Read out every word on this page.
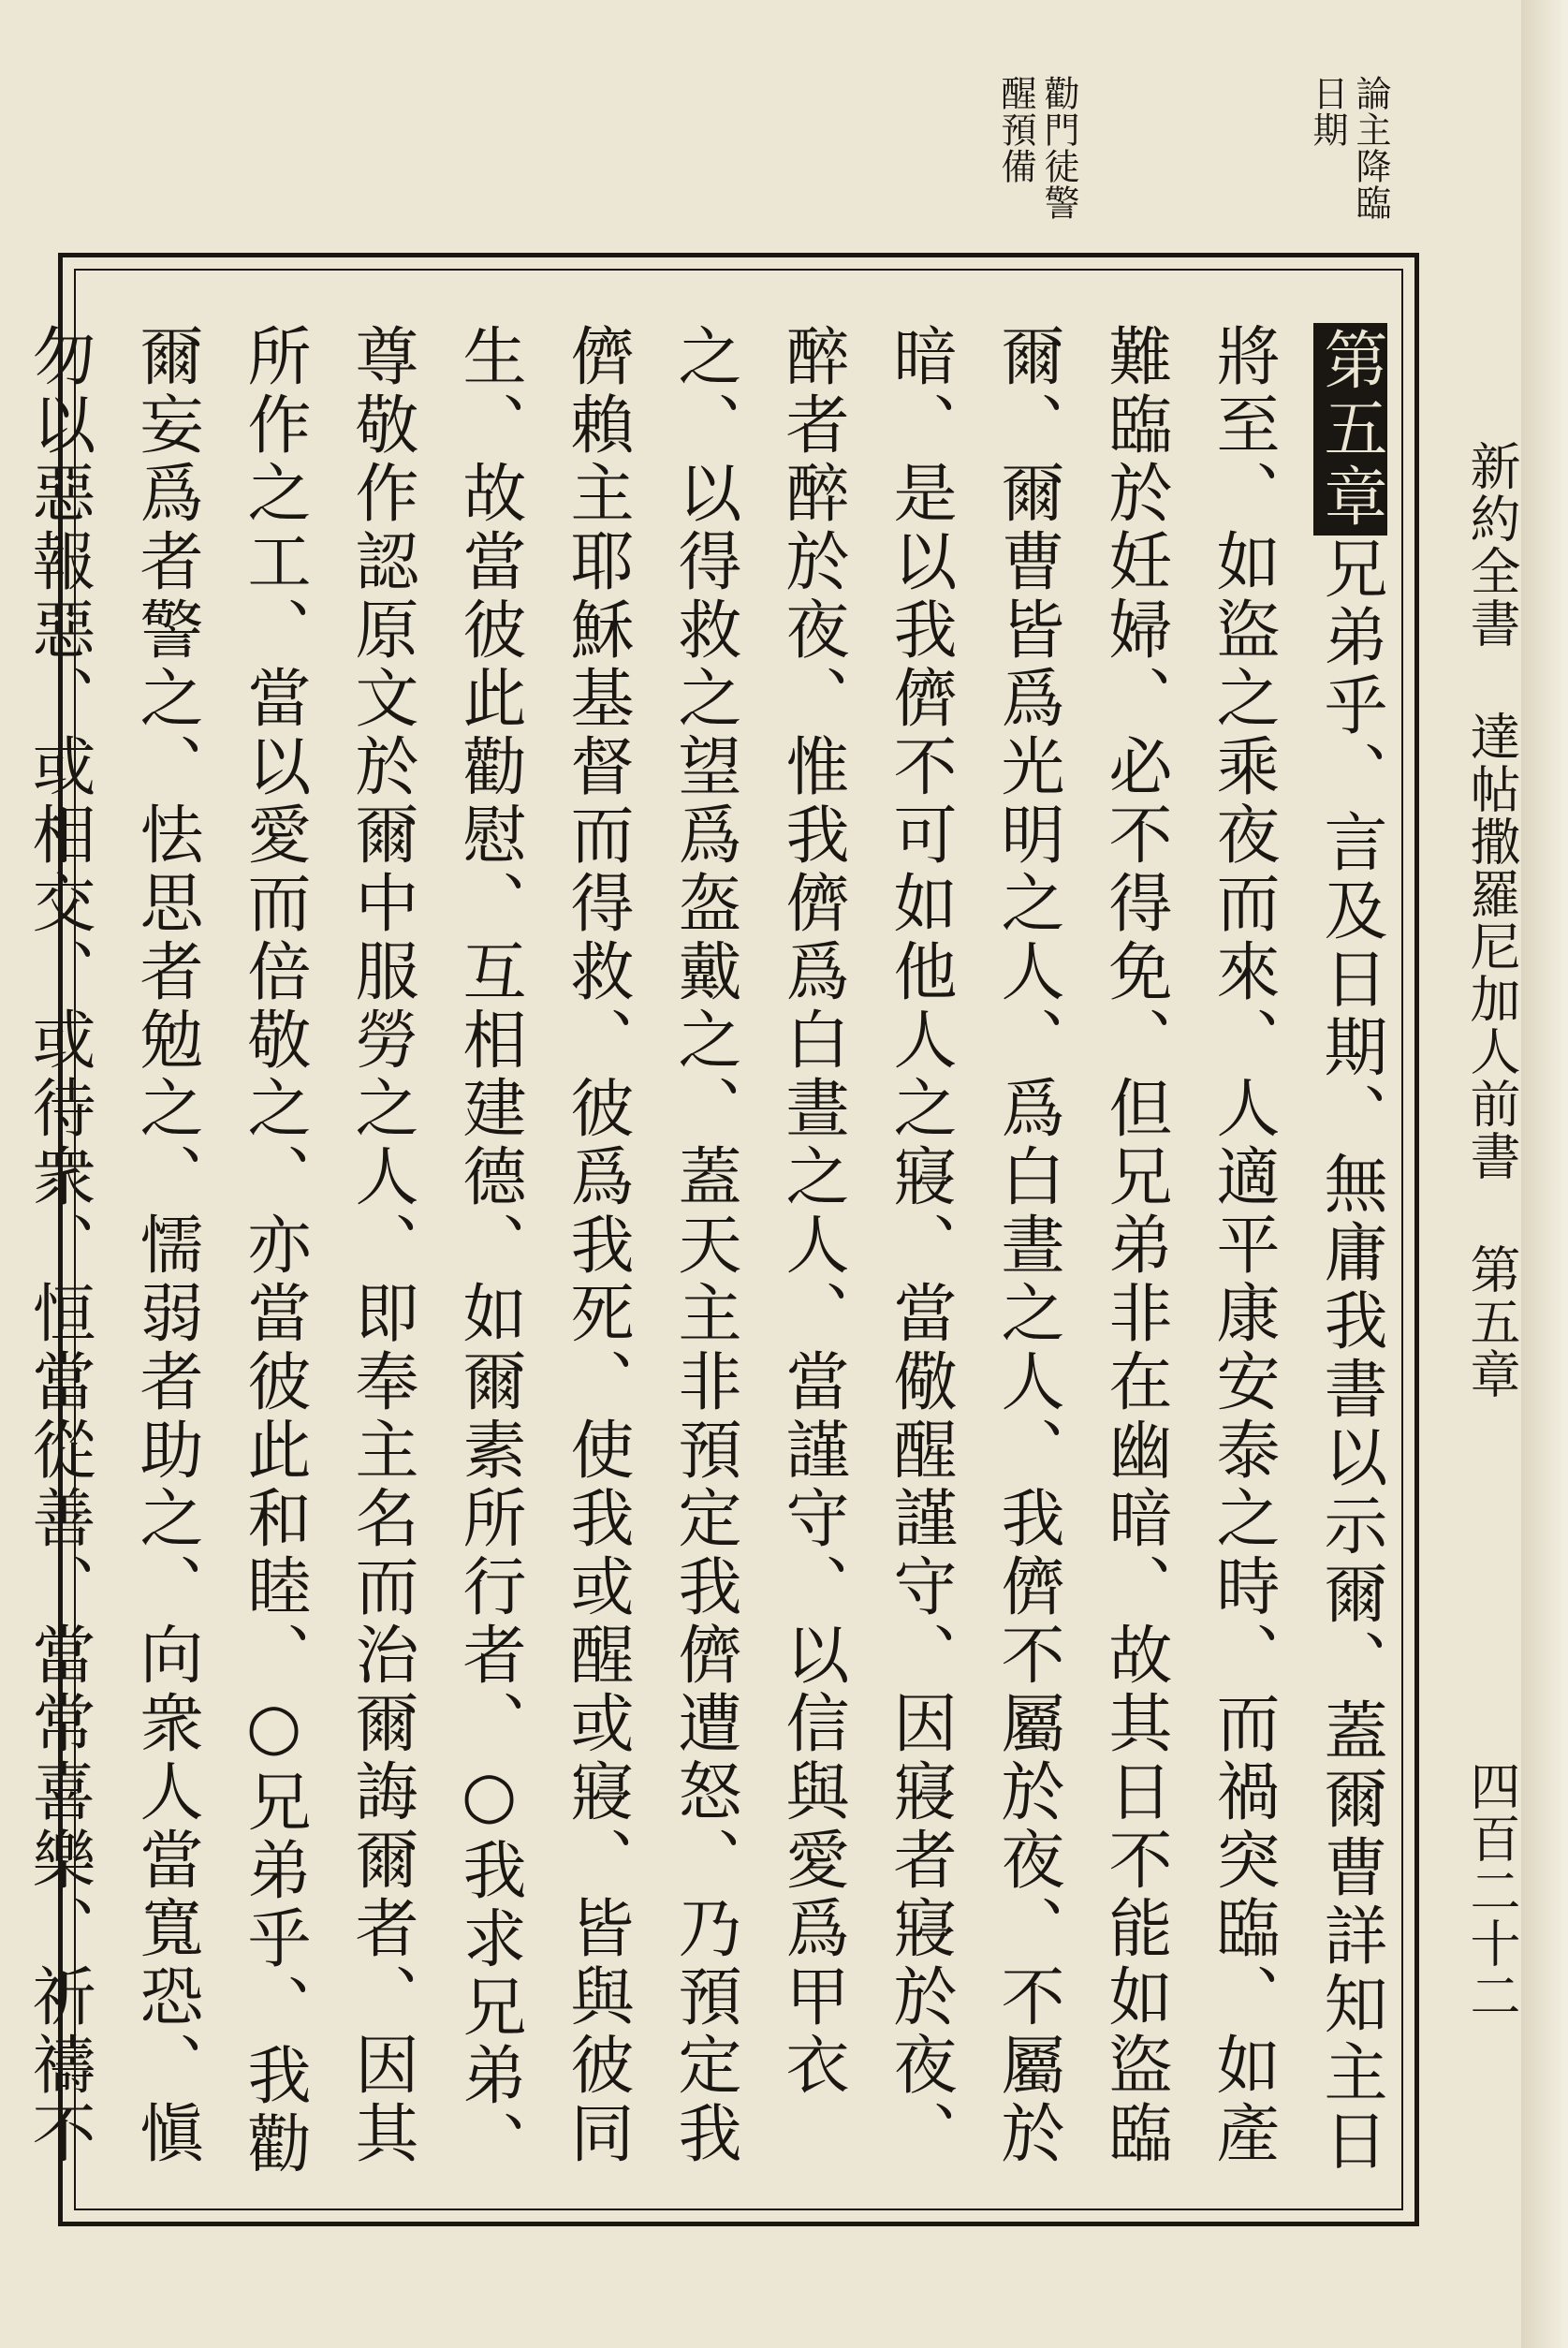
新約全書 達帖撒羅尼加人前書 第五章
四百二十二
論主降臨日期
勸門徒警醒預備
第五章兄弟乎、言及日期、無庸我書以示爾、蓋爾曹詳知主日將至、如盜之乘夜而來、人適平康安泰之時、而禍突臨、如產難臨於妊婦、必不得免、但兄弟非在幽暗、故其日不能如盜臨爾、爾曹皆爲光明之人、爲白晝之人、我儕不屬於夜、不屬於暗、是以我儕不可如他人之寢、當儆醒謹守、因寢者寢於夜、醉者醉於夜、惟我儕爲白晝之人、當謹守、以信與愛爲甲衣之、以得救之望爲盔戴之、蓋天主非預定我儕遭怒、乃預定我儕賴主耶穌基督而得救、彼爲我死、使我或醒或寢、皆與彼同生、故當彼此勸慰、互相建德、如爾素所行者、○我求兄弟、尊敬作認原文於爾中服勞之人、即奉主名而治爾誨爾者、因其所作之工、當以愛而倍敬之、亦當彼此和睦、○兄弟乎、我勸爾妄爲者警之、怯思者勉之、懦弱者助之、向衆人當寬恐、愼勿以惡報惡、或相交、或待衆、恒當從善、當常喜樂、祈禱不
